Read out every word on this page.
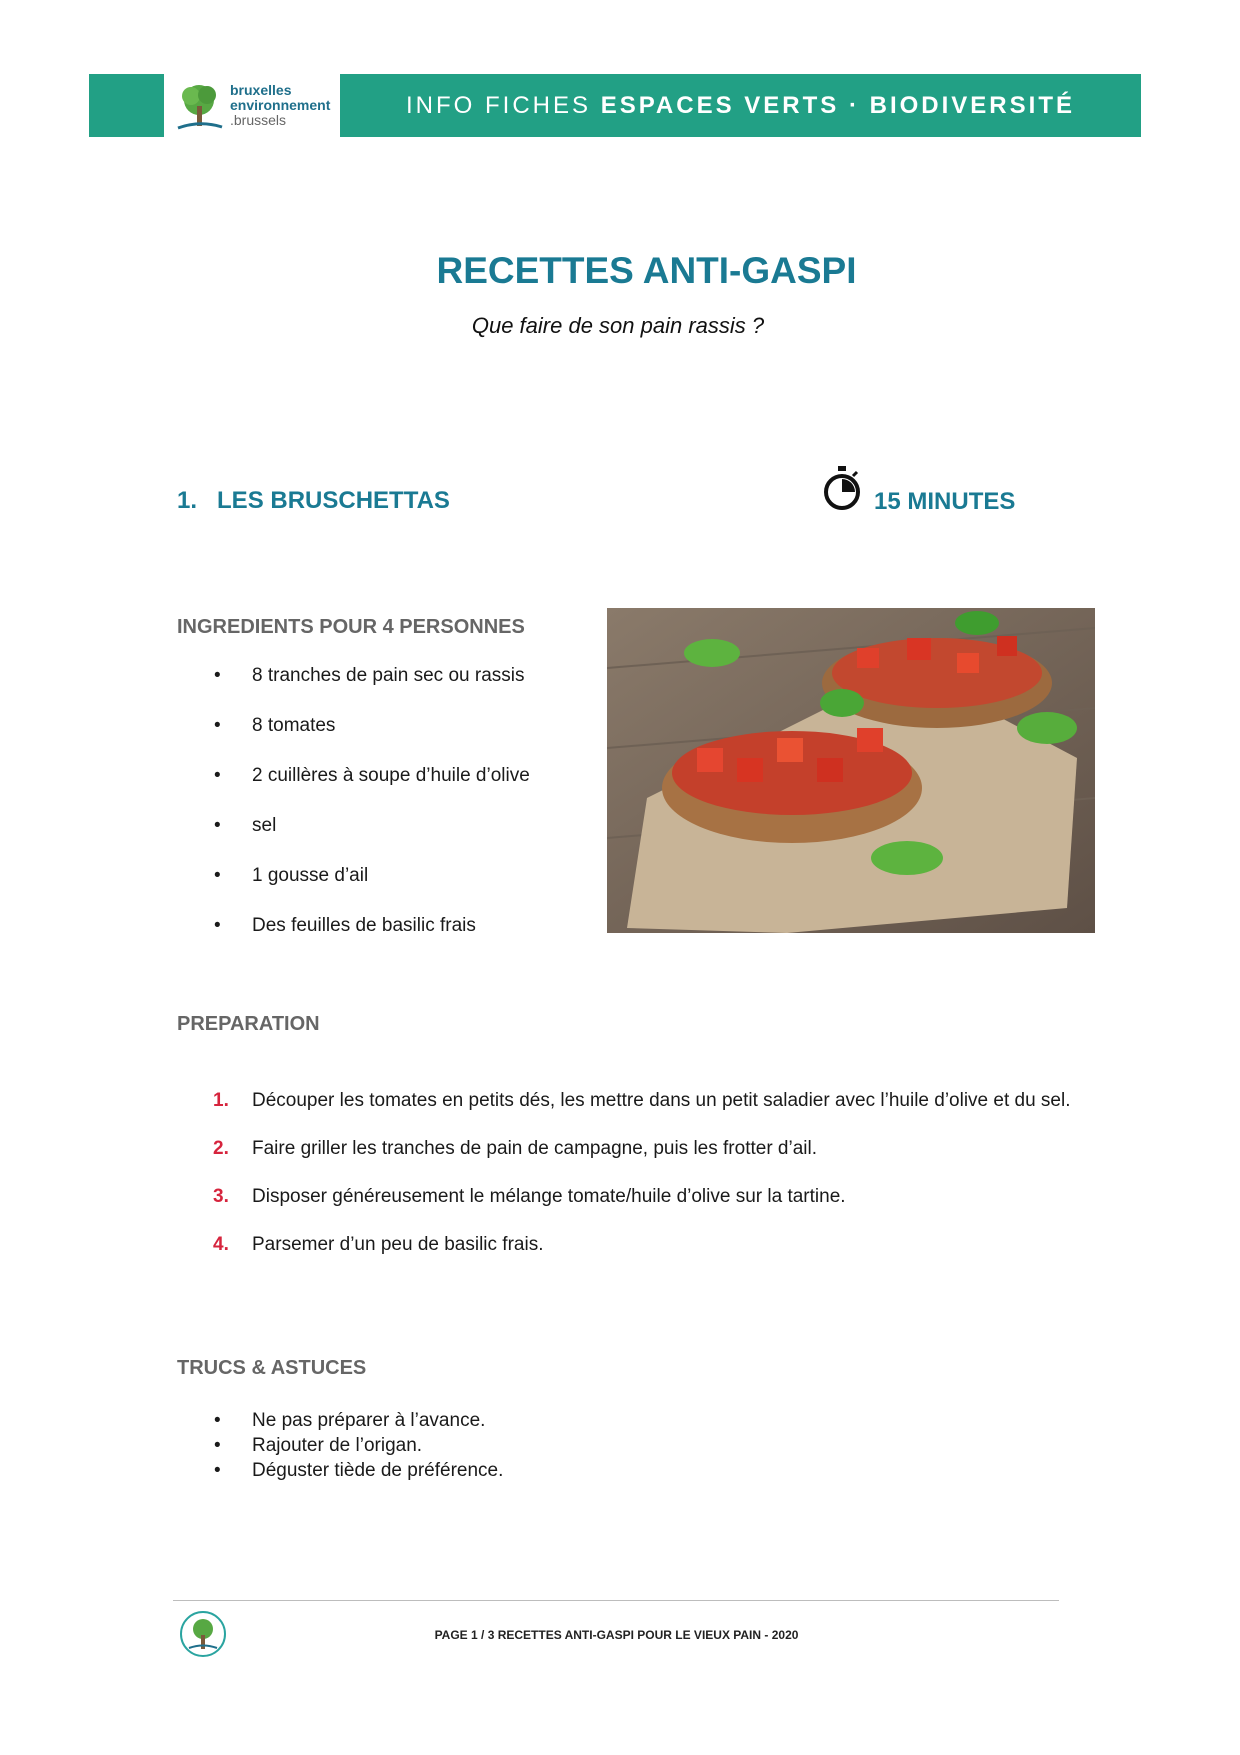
bruxelles
environnement
.brussels
INFO FICHES ESPACES VERTS · BIODIVERSITÉ
RECETTES ANTI-GASPI
Que faire de son pain rassis ?
1.   LES BRUSCHETTAS	15 MINUTES
INGREDIENTS POUR 4 PERSONNES
• 8 tranches de pain sec ou rassis
• 8 tomates
• 2 cuillères à soupe d’huile d’olive
• sel
• 1 gousse d’ail
• Des feuilles de basilic frais
PREPARATION
1. Découper les tomates en petits dés, les mettre dans un petit saladier avec l’huile d’olive et du sel.
2. Faire griller les tranches de pain de campagne, puis les frotter d’ail.
3. Disposer généreusement le mélange tomate/huile d’olive sur la tartine.
4. Parsemer d’un peu de basilic frais.
TRUCS & ASTUCES
• Ne pas préparer à l’avance.
• Rajouter de l’origan.
• Déguster tiède de préférence.
PAGE 1 / 3 RECETTES ANTI-GASPI POUR LE VIEUX PAIN - 2020
